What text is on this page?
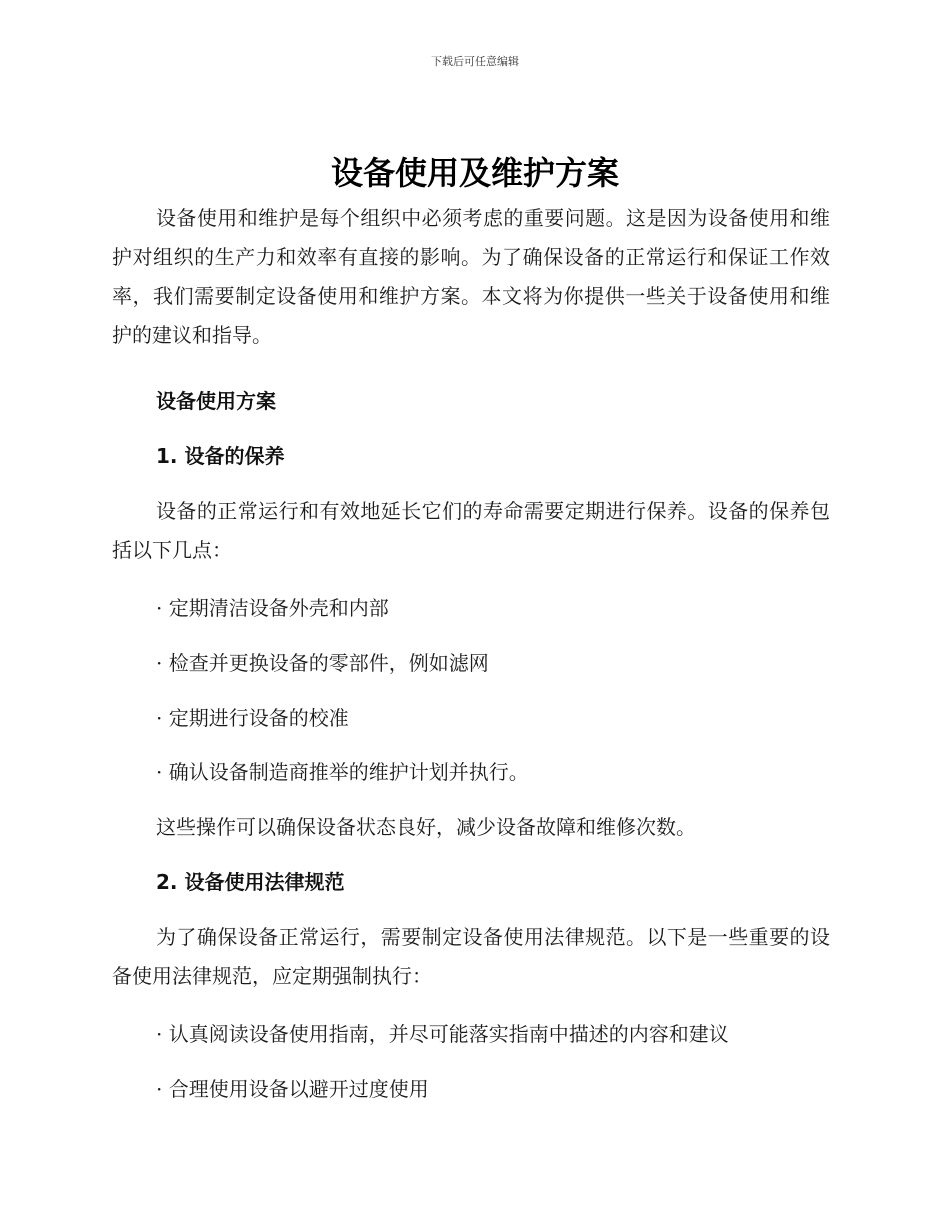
下载后可任意编辑
设备使用及维护方案

设备使用和维护是每个组织中必须考虑的重要问题。这是因为设备使用和维护对组织的生产力和效率有直接的影响。为了确保设备的正常运行和保证工作效率，我们需要制定设备使用和维护方案。本文将为你提供一些关于设备使用和维护的建议和指导。

设备使用方案
1. 设备的保养

设备的正常运行和有效地延长它们的寿命需要定期进行保养。设备的保养包括以下几点：

· 定期清洁设备外壳和内部

· 检查并更换设备的零部件，例如滤网

· 定期进行设备的校准

· 确认设备制造商推举的维护计划并执行。

这些操作可以确保设备状态良好，减少设备故障和维修次数。

2. 设备使用法律规范

为了确保设备正常运行，需要制定设备使用法律规范。以下是一些重要的设备使用法律规范，应定期强制执行：

· 认真阅读设备使用指南，并尽可能落实指南中描述的内容和建议

· 合理使用设备以避开过度使用
